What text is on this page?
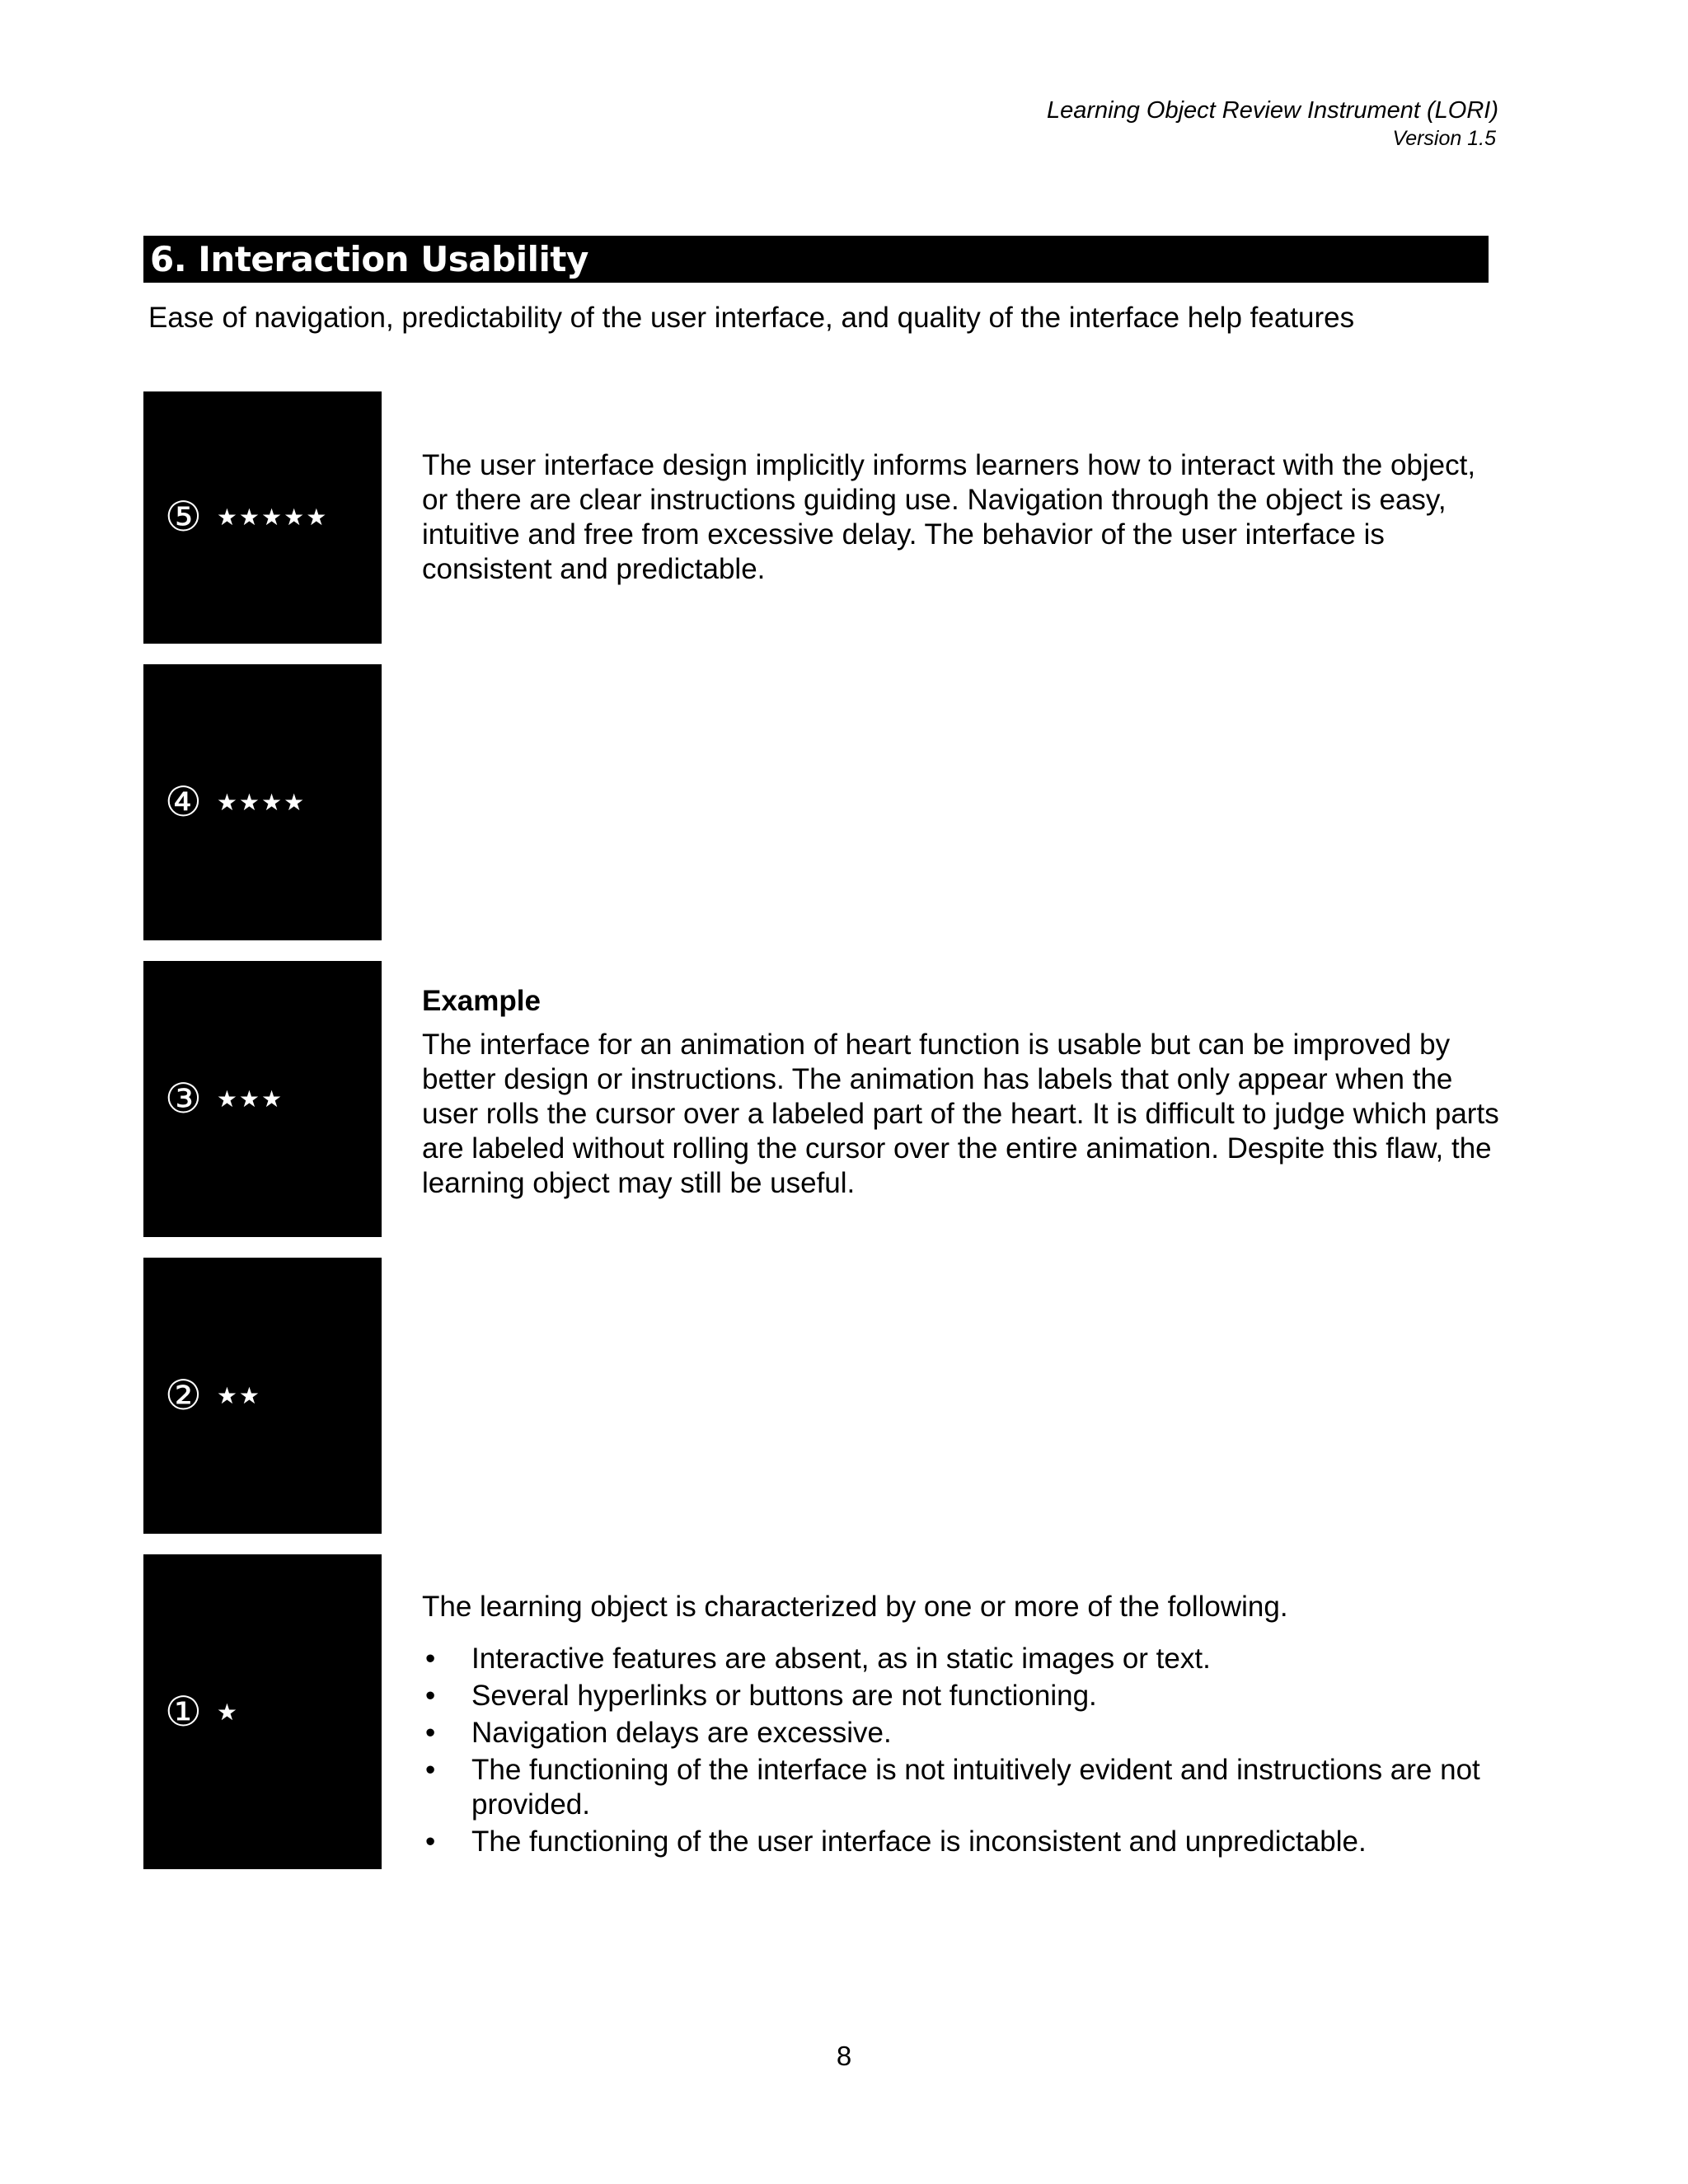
Learning Object Review Instrument (LORI)
Version 1.5
6. Interaction Usability
Ease of navigation, predictability of the user interface, and quality of the interface help features
⑤ ★★★★★
④ ★★★★
③ ★★★
② ★★
① ★
The user interface design implicitly informs learners how to interact with the object, or there are clear instructions guiding use. Navigation through the object is easy, intuitive and free from excessive delay. The behavior of the user interface is consistent and predictable.
Example
The interface for an animation of heart function is usable but can be improved by better design or instructions. The animation has labels that only appear when the user rolls the cursor over a labeled part of the heart. It is difficult to judge which parts are labeled without rolling the cursor over the entire animation. Despite this flaw, the learning object may still be useful.
The learning object is characterized by one or more of the following.
• Interactive features are absent, as in static images or text.
• Several hyperlinks or buttons are not functioning.
• Navigation delays are excessive.
• The functioning of the interface is not intuitively evident and instructions are not provided.
• The functioning of the user interface is inconsistent and unpredictable.
8
